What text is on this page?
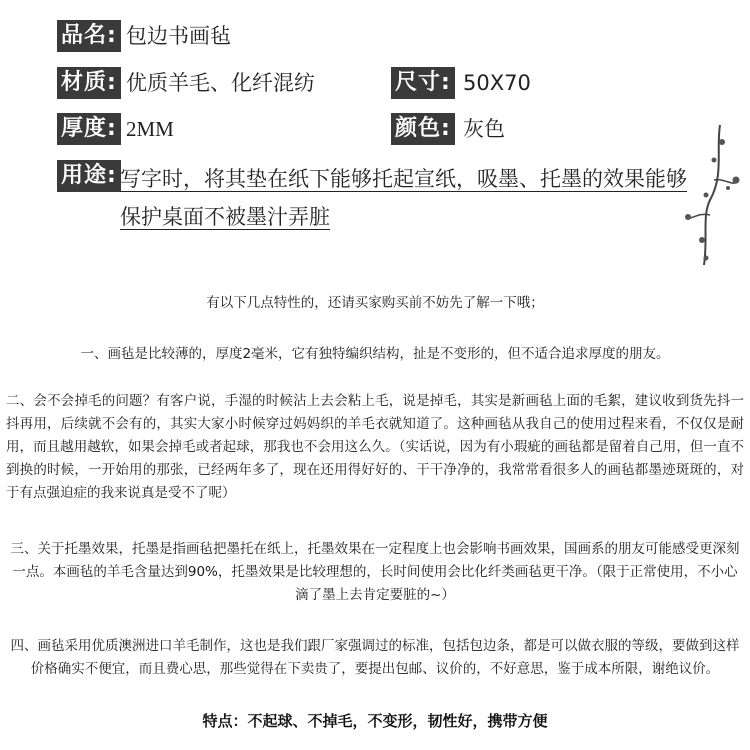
品名: 包边书画毡
材质: 优质羊毛、化纤混纺	尺寸: 50X70
厚度: 2MM	颜色: 灰色
用途: 写字时，将其垫在纸下能够托起宣纸，吸墨、托墨的效果能够
保护桌面不被墨汁弄脏
有以下几点特性的，还请买家购买前不妨先了解一下哦；
一、画毡是比较薄的，厚度2毫米，它有独特编织结构，扯是不变形的，但不适合追求厚度的朋友。
二、会不会掉毛的问题？有客户说，手湿的时候沾上去会粘上毛，说是掉毛，其实是新画毡上面的毛絮，建议收到货先抖一抖再用，后续就不会有的，其实大家小时候穿过妈妈织的羊毛衣就知道了。这种画毡从我自己的使用过程来看，不仅仅是耐用，而且越用越软，如果会掉毛或者起球，那我也不会用这么久。（实话说，因为有小瑕疵的画毡都是留着自己用，但一直不到换的时候，一开始用的那张，已经两年多了，现在还用得好好的、干干净净的，我常常看很多人的画毡都墨迹斑斑的，对于有点强迫症的我来说真是受不了呢）
三、关于托墨效果，托墨是指画毡把墨托在纸上，托墨效果在一定程度上也会影响书画效果，国画系的朋友可能感受更深刻一点。本画毡的羊毛含量达到90%，托墨效果是比较理想的，长时间使用会比化纤类画毡更干净。（限于正常使用，不小心滴了墨上去肯定要脏的~）
四、画毡采用优质澳洲进口羊毛制作，这也是我们跟厂家强调过的标准，包括包边条，都是可以做衣服的等级，要做到这样价格确实不便宜，而且费心思，那些觉得在下卖贵了，要提出包邮、议价的，不好意思，鉴于成本所限，谢绝议价。
特点：不起球、不掉毛，不变形，韧性好，携带方便
